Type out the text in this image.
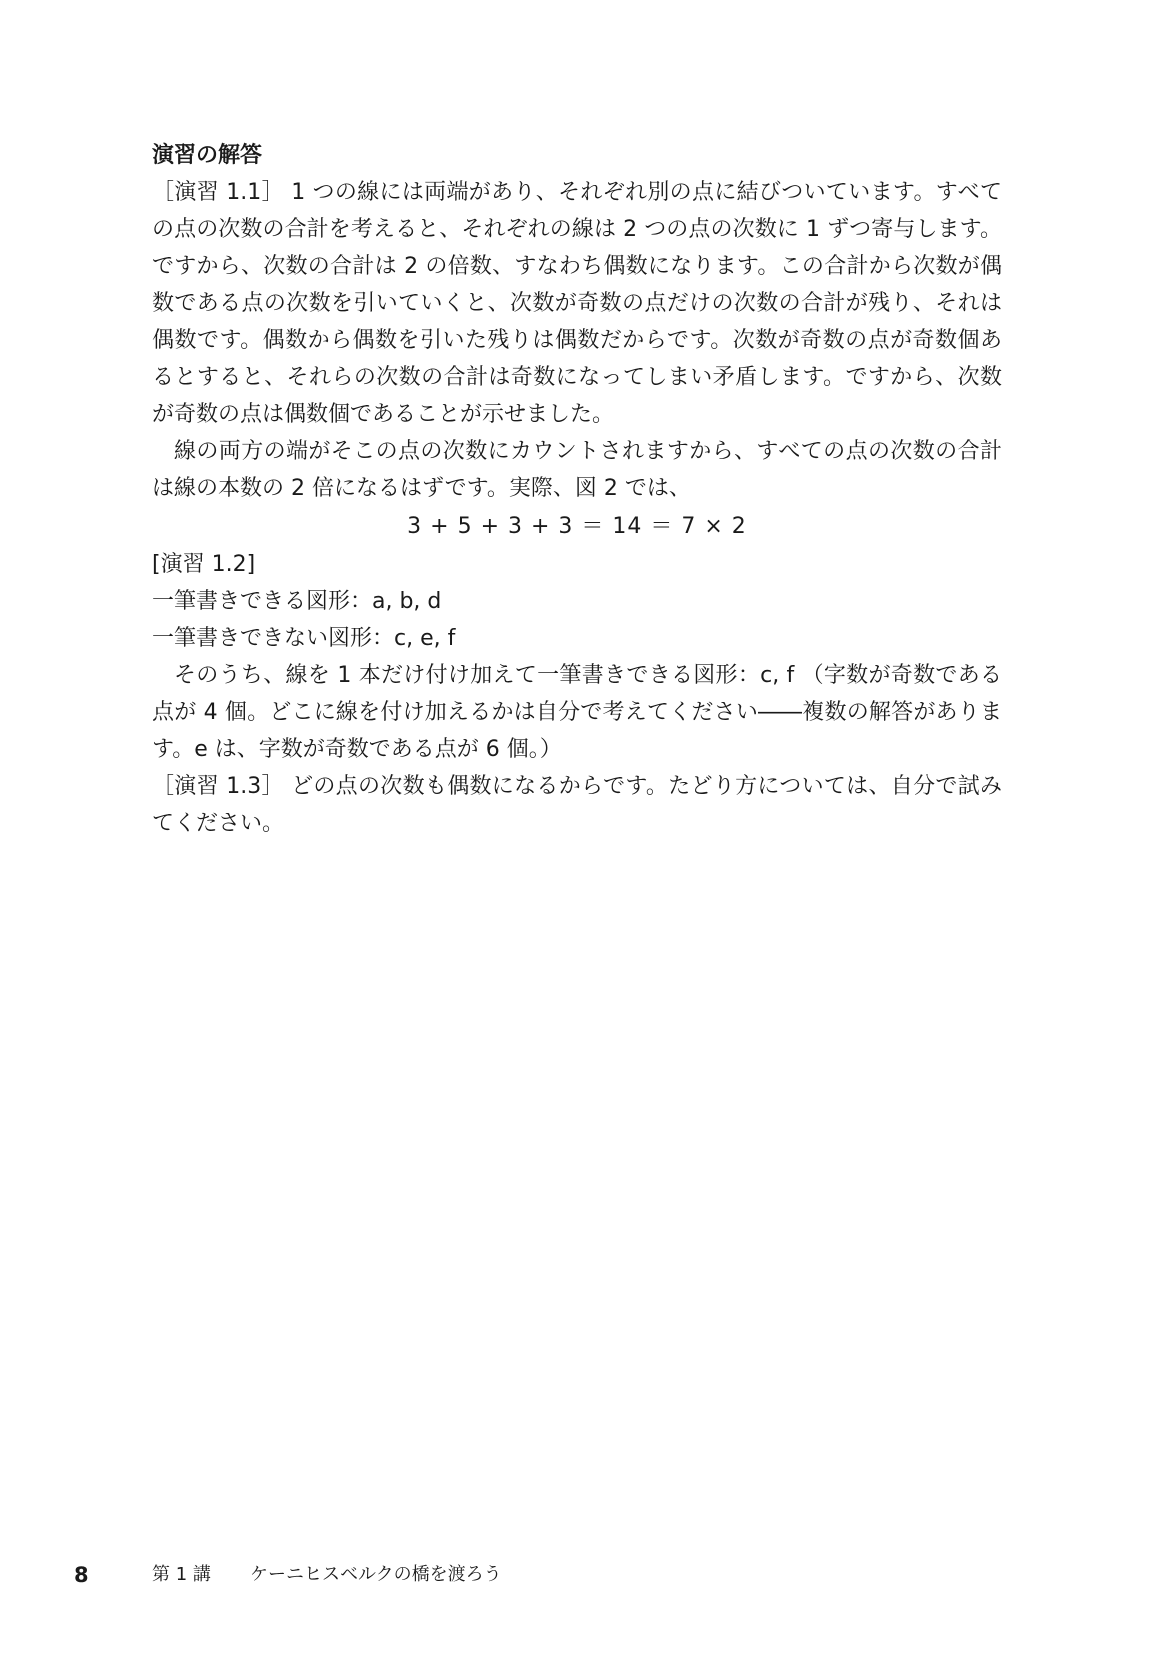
演習の解答

［演習 1.1］ 1 つの線には両端があり、それぞれ別の点に結びついています。すべての点の次数の合計を考えると、それぞれの線は 2 つの点の次数に 1 ずつ寄与します。ですから、次数の合計は 2 の倍数、すなわち偶数になります。この合計から次数が偶数である点の次数を引いていくと、次数が奇数の点だけの次数の合計が残り、それは偶数です。偶数から偶数を引いた残りは偶数だからです。次数が奇数の点が奇数個あるとすると、それらの次数の合計は奇数になってしまい矛盾します。ですから、次数が奇数の点は偶数個であることが示せました。

線の両方の端がそこの点の次数にカウントされますから、すべての点の次数の合計は線の本数の 2 倍になるはずです。実際、図 2 では、

3 + 5 + 3 + 3 ＝ 14 ＝ 7 × 2
[演習 1.2]
一筆書きできる図形：a, b, d
一筆書きできない図形：c, e, f

そのうち、線を 1 本だけ付け加えて一筆書きできる図形：c, f （字数が奇数である点が 4 個。どこに線を付け加えるかは自分で考えてください――複数の解答があります。e は、字数が奇数である点が 6 個。）

［演習 1.3］ どの点の次数も偶数になるからです。たどり方については、自分で試みてください。

8	第 1 講 ケーニヒスベルクの橋を渡ろう
